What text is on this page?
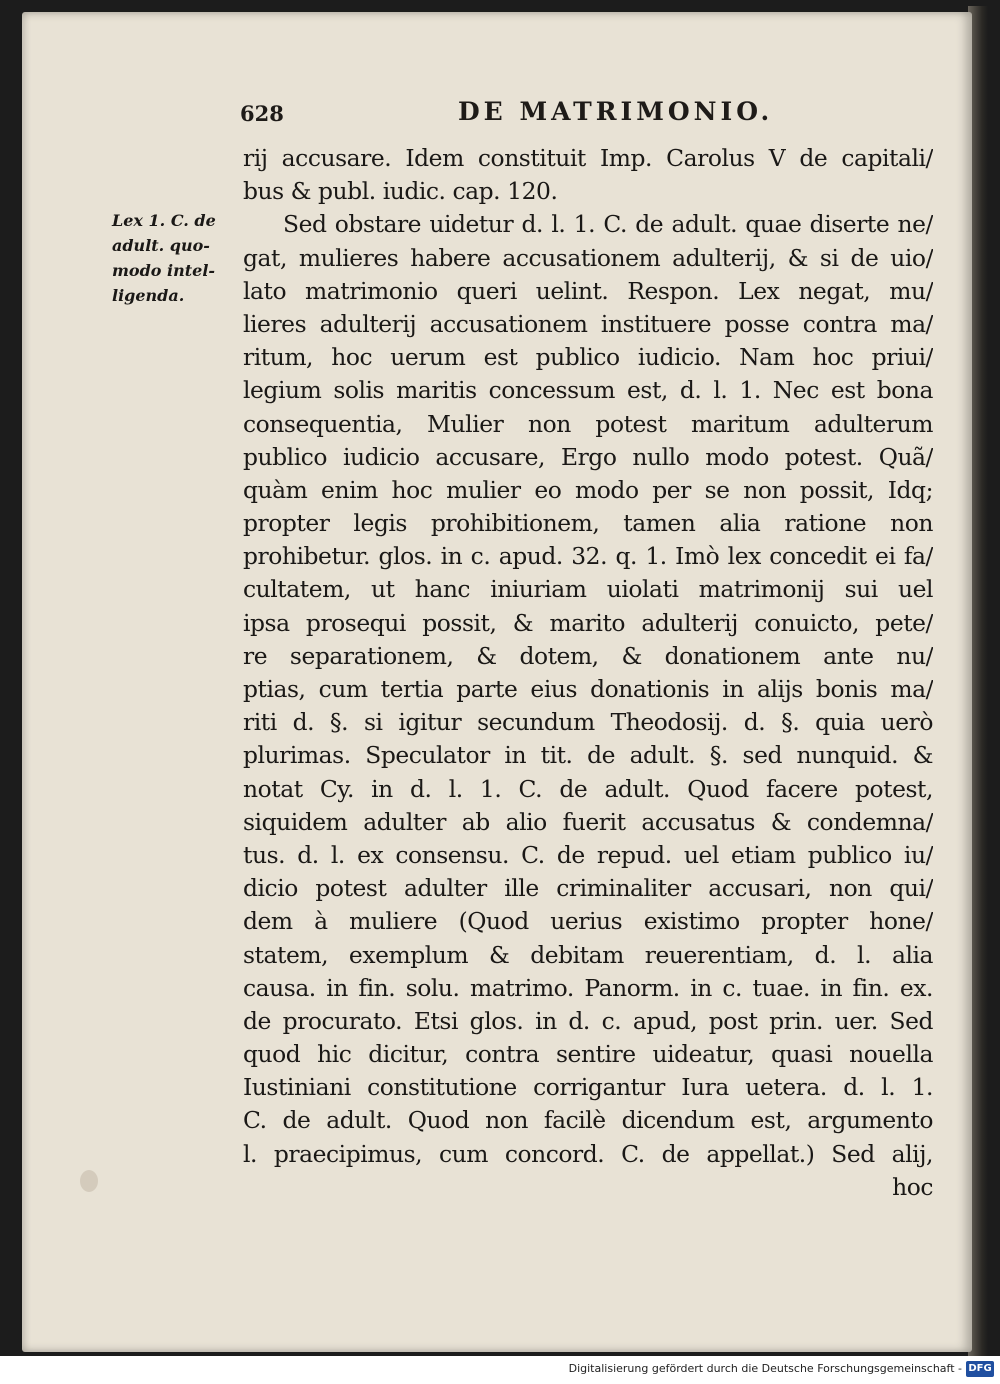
628	DE MATRIMONIO.
Lex 1. C. de
adult. quo-
modo intel-
ligenda.
rij accusare. Idem constituit Imp. Carolus V de capitali/
bus & publ. iudic. cap. 120.
Sed obstare uidetur d. l. 1. C. de adult. quae diserte ne/
gat, mulieres habere accusationem adulterij, & si de uio/
lato matrimonio queri uelint. Respon. Lex negat, mu/
lieres adulterij accusationem instituere posse contra ma/
ritum, hoc uerum est publico iudicio. Nam hoc priui/
legium solis maritis concessum est, d. l. 1. Nec est bona
consequentia, Mulier non potest maritum adulterum
publico iudicio accusare, Ergo nullo modo potest. Quã/
quàm enim hoc mulier eo modo per se non possit, Idq;
propter legis prohibitionem, tamen alia ratione non
prohibetur. glos. in c. apud. 32. q. 1. Imò lex concedit ei fa/
cultatem, ut hanc iniuriam uiolati matrimonij sui uel
ipsa prosequi possit, & marito adulterij conuicto, pete/
re separationem, & dotem, & donationem ante nu/
ptias, cum tertia parte eius donationis in alijs bonis ma/
riti d. §. si igitur secundum Theodosij. d. §. quia uerò
plurimas. Speculator in tit. de adult. §. sed nunquid. &
notat Cy. in d. l. 1. C. de adult. Quod facere potest,
siquidem adulter ab alio fuerit accusatus & condemna/
tus. d. l. ex consensu. C. de repud. uel etiam publico iu/
dicio potest adulter ille criminaliter accusari, non qui/
dem à muliere (Quod uerius existimo propter hone/
statem, exemplum & debitam reuerentiam, d. l. alia
causa. in fin. solu. matrimo. Panorm. in c. tuae. in fin. ex.
de procurato. Etsi glos. in d. c. apud, post prin. uer. Sed
quod hic dicitur, contra sentire uideatur, quasi nouella
Iustiniani constitutione corrigantur Iura uetera. d. l. 1.
C. de adult. Quod non facilè dicendum est, argumento
l. praecipimus, cum concord. C. de appellat.) Sed alij,
hoc
Digitalisierung gefördert durch die Deutsche Forschungsgemeinschaft - DFG
